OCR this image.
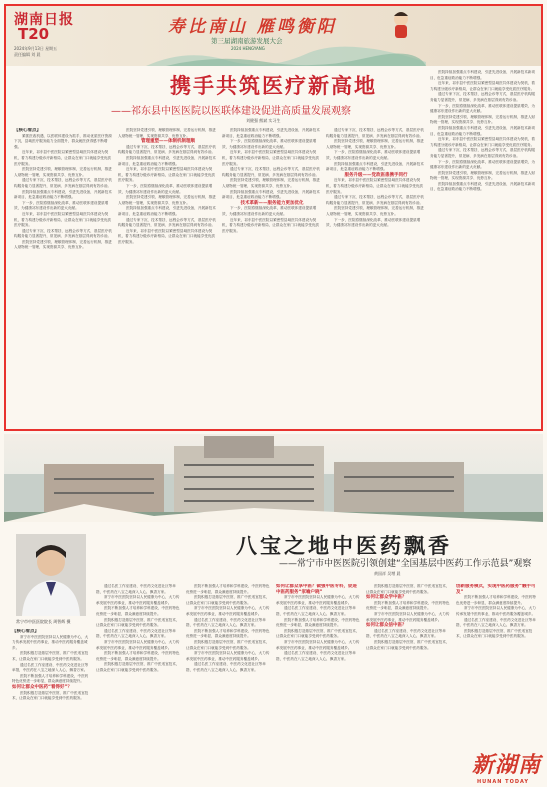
湖南日报
T20
2024年9月13日 星期五
责任编辑 刘 晨
寿比南山 雁鸣衡阳
第三届湖南旅游发展大会
2024 HENGYANG
携手共筑医疗新高地
——祁东县中医医院以医联体建设促进高质量发展观察
刘健强 熊斌 实习生

【核心看点】

紧抓医改机遇，以医联体建设为抓手，推动优质医疗资源下沉，县域医疗服务能力全面提升，群众就医获得感不断增强。

近年来，祁东县中医医院以紧密型县域医共体建设为契机，着力构建分级诊疗新格局，让群众在家门口就能享受优质医疗服务。

医院坚持党建引领，理顺管理体制，完善运行机制，推进人财物统一管理，实现资源共享、优势互补。

通过专家下沉、技术帮扶、远程会诊等方式，基层医疗机构服务能力显著提升，常见病、多发病在基层得到有效诊治。

医院持续加强重点专科建设，引进先进设备，开展新技术新项目，危急重症救治能力不断增强。

下一步，医院将继续深化改革，推动医联体建设提质增效，为健康祁东建设作出新的更大贡献。

近年来，祁东县中医医院以紧密型县域医共体建设为契机，着力构建分级诊疗新格局，让群众在家门口就能享受优质医疗服务。

通过专家下沉、技术帮扶、远程会诊等方式，基层医疗机构服务能力显著提升，常见病、多发病在基层得到有效诊治。

医院坚持党建引领，理顺管理体制，完善运行机制，推进人财物统一管理，实现资源共享、优势互补。

医院坚持党建引领，理顺管理体制，完善运行机制，推进人财物统一管理，实现资源共享、优势互补。

管理重塑——体制机制理顺

通过专家下沉、技术帮扶、远程会诊等方式，基层医疗机构服务能力显著提升，常见病、多发病在基层得到有效诊治。

医院持续加强重点专科建设，引进先进设备，开展新技术新项目，危急重症救治能力不断增强。

近年来，祁东县中医医院以紧密型县域医共体建设为契机，着力构建分级诊疗新格局，让群众在家门口就能享受优质医疗服务。

下一步，医院将继续深化改革，推动医联体建设提质增效，为健康祁东建设作出新的更大贡献。

医院坚持党建引领，理顺管理体制，完善运行机制，推进人财物统一管理，实现资源共享、优势互补。

医院持续加强重点专科建设，引进先进设备，开展新技术新项目，危急重症救治能力不断增强。

通过专家下沉、技术帮扶、远程会诊等方式，基层医疗机构服务能力显著提升，常见病、多发病在基层得到有效诊治。

近年来，祁东县中医医院以紧密型县域医共体建设为契机，着力构建分级诊疗新格局，让群众在家门口就能享受优质医疗服务。

医院持续加强重点专科建设，引进先进设备，开展新技术新项目，危急重症救治能力不断增强。

下一步，医院将继续深化改革，推动医联体建设提质增效，为健康祁东建设作出新的更大贡献。

近年来，祁东县中医医院以紧密型县域医共体建设为契机，着力构建分级诊疗新格局，让群众在家门口就能享受优质医疗服务。

通过专家下沉、技术帮扶、远程会诊等方式，基层医疗机构服务能力显著提升，常见病、多发病在基层得到有效诊治。

医院坚持党建引领，理顺管理体制，完善运行机制，推进人财物统一管理，实现资源共享、优势互补。

医院持续加强重点专科建设，引进先进设备，开展新技术新项目，危急重症救治能力不断增强。

技术革新——服务能力更加优化

下一步，医院将继续深化改革，推动医联体建设提质增效，为健康祁东建设作出新的更大贡献。

近年来，祁东县中医医院以紧密型县域医共体建设为契机，着力构建分级诊疗新格局，让群众在家门口就能享受优质医疗服务。

通过专家下沉、技术帮扶、远程会诊等方式，基层医疗机构服务能力显著提升，常见病、多发病在基层得到有效诊治。

医院坚持党建引领，理顺管理体制，完善运行机制，推进人财物统一管理，实现资源共享、优势互补。

下一步，医院将继续深化改革，推动医联体建设提质增效，为健康祁东建设作出新的更大贡献。

医院持续加强重点专科建设，引进先进设备，开展新技术新项目，危急重症救治能力不断增强。

服务升级——党政医患携手同行

近年来，祁东县中医医院以紧密型县域医共体建设为契机，着力构建分级诊疗新格局，让群众在家门口就能享受优质医疗服务。

通过专家下沉、技术帮扶、远程会诊等方式，基层医疗机构服务能力显著提升，常见病、多发病在基层得到有效诊治。

医院坚持党建引领，理顺管理体制，完善运行机制，推进人财物统一管理，实现资源共享、优势互补。

下一步，医院将继续深化改革，推动医联体建设提质增效，为健康祁东建设作出新的更大贡献。

医院持续加强重点专科建设，引进先进设备，开展新技术新项目，危急重症救治能力不断增强。

近年来，祁东县中医医院以紧密型县域医共体建设为契机，着力构建分级诊疗新格局，让群众在家门口就能享受优质医疗服务。

通过专家下沉、技术帮扶、远程会诊等方式，基层医疗机构服务能力显著提升，常见病、多发病在基层得到有效诊治。

下一步，医院将继续深化改革，推动医联体建设提质增效，为健康祁东建设作出新的更大贡献。

医院坚持党建引领，理顺管理体制，完善运行机制，推进人财物统一管理，实现资源共享、优势互补。

医院持续加强重点专科建设，引进先进设备，开展新技术新项目，危急重症救治能力不断增强。

近年来，祁东县中医医院以紧密型县域医共体建设为契机，着力构建分级诊疗新格局，让群众在家门口就能享受优质医疗服务。

通过专家下沉、技术帮扶、远程会诊等方式，基层医疗机构服务能力显著提升，常见病、多发病在基层得到有效诊治。

下一步，医院将继续深化改革，推动医联体建设提质增效，为健康祁东建设作出新的更大贡献。

医院坚持党建引领，理顺管理体制，完善运行机制，推进人财物统一管理，实现资源共享、优势互补。

医院持续加强重点专科建设，引进先进设备，开展新技术新项目，危急重症救治能力不断增强。

八宝之地中医药飘香
——常宁市中医医院引领创建“全国基层中医药工作示范县”观察
黄国祥 吴增 晨
常宁市中医医院院长 周智辉 摄

【核心看点】

常宁市中医医院坚持以人民健康为中心，大力传承发展中医药事业，推动中医药服务覆盖城乡。

医院积极打造基层中医馆，推广中医适宜技术，让群众在家门口就能享受到中医药服务。

通过名医工作室建设、中医药文化进社区等举措，中医药在八宝之地深入人心，飘香万家。

医院不断加强人才培养和学科建设，中医药特色优势进一步彰显，群众满意度持续提升。

如何让群众中医药“看得好”？

医院积极打造基层中医馆，推广中医适宜技术，让群众在家门口就能享受到中医药服务。

通过名医工作室建设、中医药文化进社区等举措，中医药在八宝之地深入人心，飘香万家。

常宁市中医医院坚持以人民健康为中心，大力传承发展中医药事业，推动中医药服务覆盖城乡。

医院不断加强人才培养和学科建设，中医药特色优势进一步彰显，群众满意度持续提升。

医院积极打造基层中医馆，推广中医适宜技术，让群众在家门口就能享受到中医药服务。

通过名医工作室建设、中医药文化进社区等举措，中医药在八宝之地深入人心，飘香万家。

常宁市中医医院坚持以人民健康为中心，大力传承发展中医药事业，推动中医药服务覆盖城乡。

医院不断加强人才培养和学科建设，中医药特色优势进一步彰显，群众满意度持续提升。

医院积极打造基层中医馆，推广中医适宜技术，让群众在家门口就能享受到中医药服务。

医院不断加强人才培养和学科建设，中医药特色优势进一步彰显，群众满意度持续提升。

医院积极打造基层中医馆，推广中医适宜技术，让群众在家门口就能享受到中医药服务。

常宁市中医医院坚持以人民健康为中心，大力传承发展中医药事业，推动中医药服务覆盖城乡。

通过名医工作室建设、中医药文化进社区等举措，中医药在八宝之地深入人心，飘香万家。

医院不断加强人才培养和学科建设，中医药特色优势进一步彰显，群众满意度持续提升。

医院积极打造基层中医馆，推广中医适宜技术，让群众在家门口就能享受到中医药服务。

常宁市中医医院坚持以人民健康为中心，大力传承发展中医药事业，推动中医药服务覆盖城乡。

通过名医工作室建设、中医药文化进社区等举措，中医药在八宝之地深入人心，飘香万家。

如何让群众享中医？做强中医专科，促进中医药服务“家喻户晓”

常宁市中医医院坚持以人民健康为中心，大力传承发展中医药事业，推动中医药服务覆盖城乡。

通过名医工作室建设、中医药文化进社区等举措，中医药在八宝之地深入人心，飘香万家。

医院不断加强人才培养和学科建设，中医药特色优势进一步彰显，群众满意度持续提升。

医院积极打造基层中医馆，推广中医适宜技术，让群众在家门口就能享受到中医药服务。

常宁市中医医院坚持以人民健康为中心，大力传承发展中医药事业，推动中医药服务覆盖城乡。

通过名医工作室建设、中医药文化进社区等举措，中医药在八宝之地深入人心，飘香万家。

医院积极打造基层中医馆，推广中医适宜技术，让群众在家门口就能享受到中医药服务。

如何让群众学中医？

医院不断加强人才培养和学科建设，中医药特色优势进一步彰显，群众满意度持续提升。

常宁市中医医院坚持以人民健康为中心，大力传承发展中医药事业，推动中医药服务覆盖城乡。

如何让群众信中医？

通过名医工作室建设、中医药文化进社区等举措，中医药在八宝之地深入人心，飘香万家。

医院积极打造基层中医馆，推广中医适宜技术，让群众在家门口就能享受到中医药服务。

创新服务模式，实现中医药服务“触手可及”

医院不断加强人才培养和学科建设，中医药特色优势进一步彰显，群众满意度持续提升。

常宁市中医医院坚持以人民健康为中心，大力传承发展中医药事业，推动中医药服务覆盖城乡。

通过名医工作室建设、中医药文化进社区等举措，中医药在八宝之地深入人心，飘香万家。

医院积极打造基层中医馆，推广中医适宜技术，让群众在家门口就能享受到中医药服务。

新湖南
HUNAN TODAY
